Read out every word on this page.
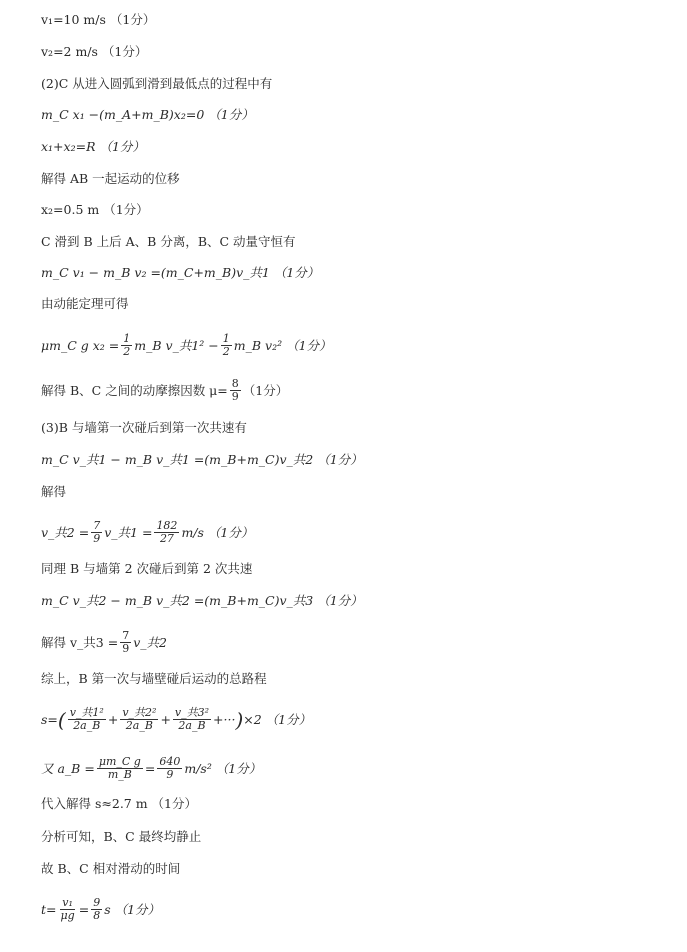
v₁=10 m/s （1分）
v₂=2 m/s （1分）
(2)C 从进入圆弧到滑到最低点的过程中有
m_C x₁ −(m_A+m_B)x₂=0 （1分）
x₁+x₂=R （1分）
解得 AB 一起运动的位移
x₂=0.5 m （1分）
C 滑到 B 上后 A、B 分离，B、C 动量守恒有
m_C v₁ − m_B v₂ =(m_C+m_B)v_共1 （1分）
由动能定理可得
μm_C g $x_2 = \frac{1}{2}$ m_B v_共$1^2 - \frac{1}{2}$ m_B v₂² （1分）
解得 B、C 之间的动摩擦因数 $\mu= \frac{8}{9} (1$分）
(3)B 与墙第一次碰后到第一次共速有
m_C v_共1 − m_B v_共1 =(m_B+m_C)v_共2 （1分）
解得
v_共$2 = \frac{7}{9}$ v_共$1 = \frac{182}{27} m/s$ （1分）
同理 B 与墙第 2 次碰后到第 2 次共速
m_C v_共2 − m_B v_共2 =(m_B+m_C)v_共3 （1分）
解得 v_共$3 = \frac{7}{9}$ v_共2
综上，B 第一次与墙壁碰后运动的总路程
s= ( $\frac{\text{v\_共1²}}{2a\_B} + \frac{\text{v\_共2²}}{2a\_B} + \frac{\text{v\_共3²}}{2a\_B}$ +··· ) ×2 （1分）
又 a_B = $\frac{\text{μm\_C g}}{m\_B} = \frac{640}{9} m/s^2$ （1分）
代入解得 s≈2.7 m （1分）
分析可知，B、C 最终均静止
故 B、C 相对滑动的时间
$t= \frac{\text{v₁}}{\mu g} = \frac{9}{8}$ s （1分）
